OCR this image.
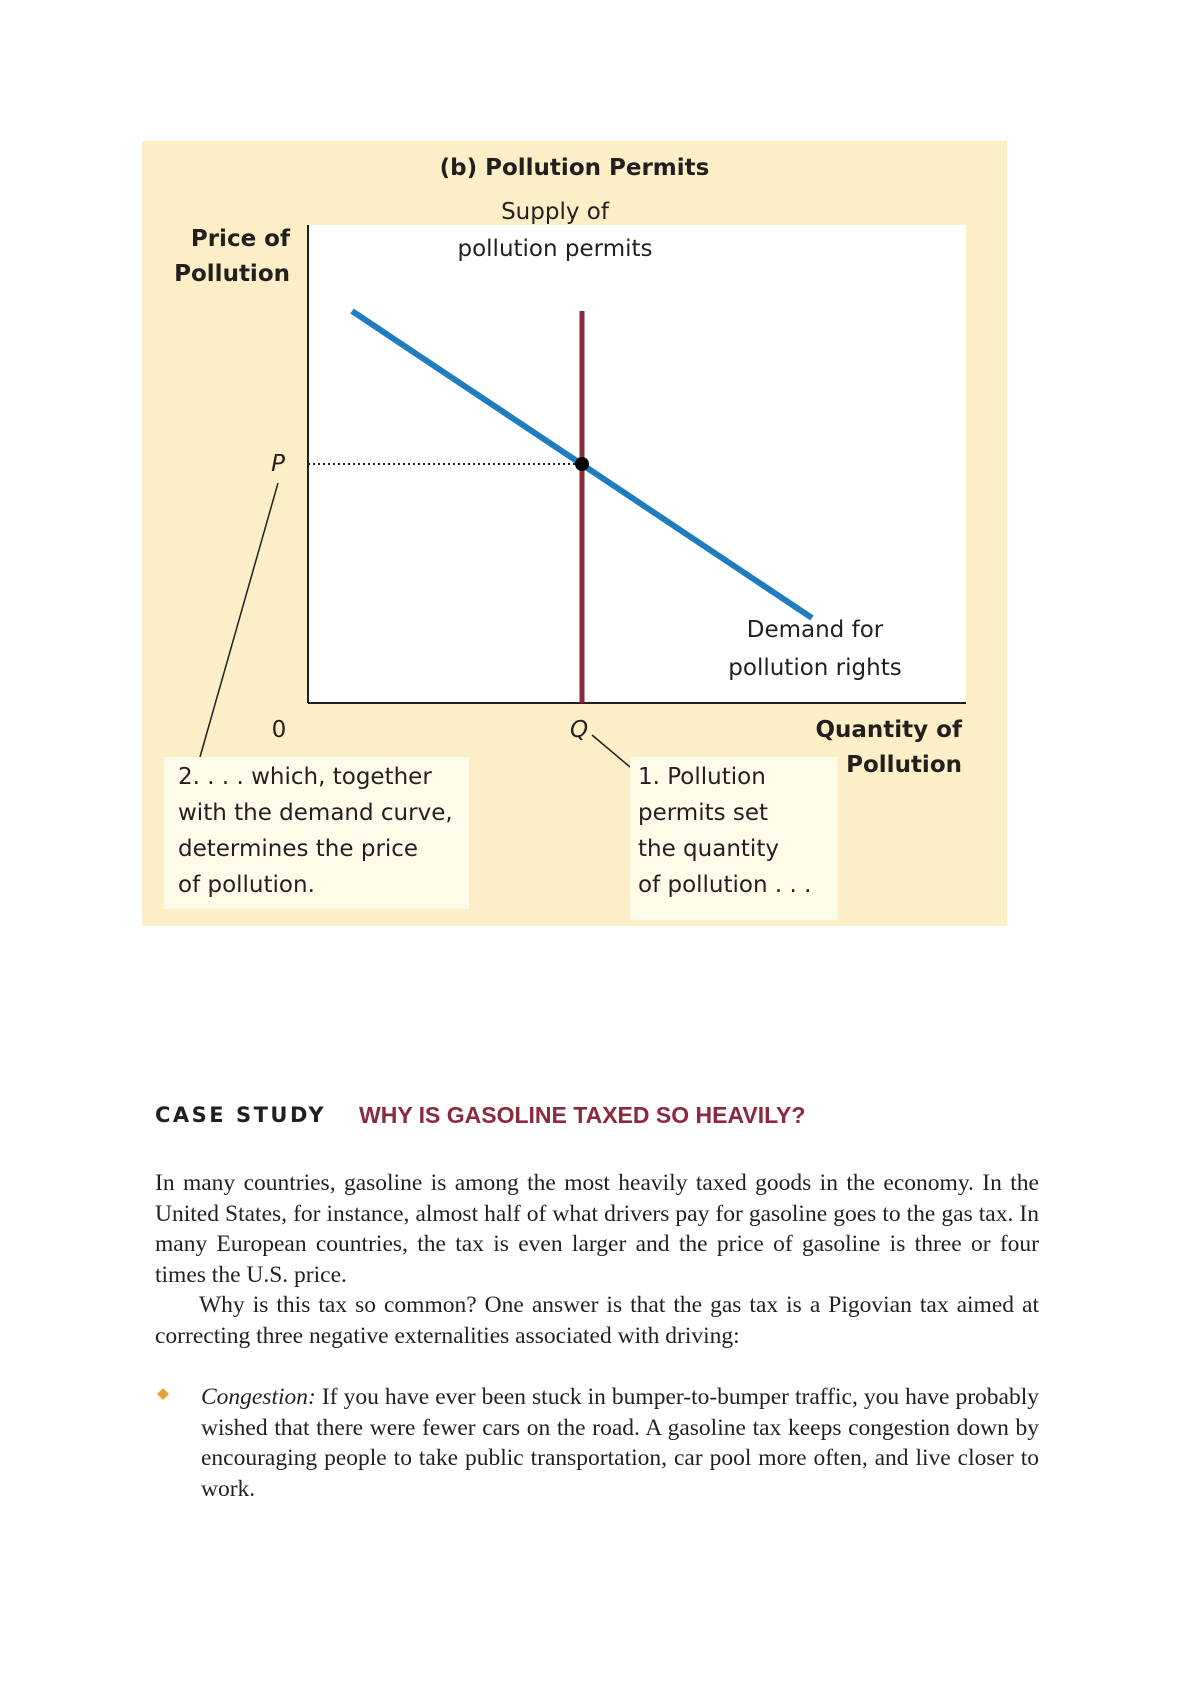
Supply of
pollution permits
Demand for
pollution rights
P
0	Q
(b) Pollution Permits
Price of
Pollution
Quantity of
Pollution
2. . . . which, together
with the demand curve,
determines the price
of pollution.
1. Pollution
permits set
the quantity
of pollution . . .
CASE STUDY WHY IS GASOLINE TAXED SO HEAVILY?

In many countries, gasoline is among the most heavily taxed goods in the economy. In the United States, for instance, almost half of what drivers pay for gasoline goes to the gas tax. In many European countries, the tax is even larger and the price of gasoline is three or four times the U.S. price.

Why is this tax so common? One answer is that the gas tax is a Pigovian tax aimed at correcting three negative externalities associated with driving:

Congestion: If you have ever been stuck in bumper-to-bumper traffic, you have probably wished that there were fewer cars on the road. A gasoline tax keeps congestion down by encouraging people to take public transportation, car pool more often, and live closer to work.
